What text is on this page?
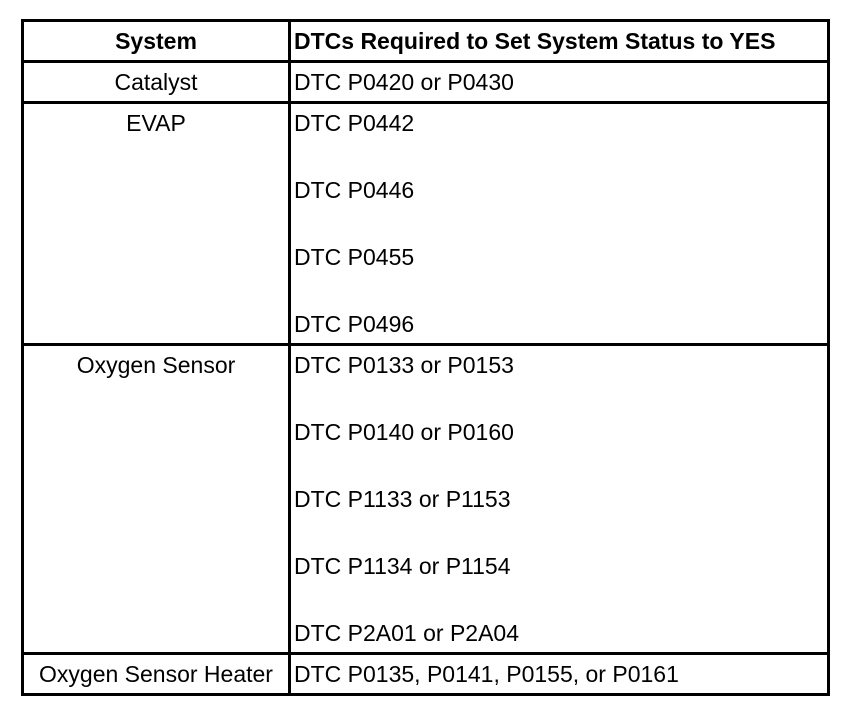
System	DTCs Required to Set System Status to YES
Catalyst	DTC P0420 or P0430

EVAP	DTC P0442
DTC P0446
DTC P0455
DTC P0496

Oxygen Sensor	DTC P0133 or P0153
DTC P0140 or P0160
DTC P1133 or P1153
DTC P1134 or P1154
DTC P2A01 or P2A04

Oxygen Sensor Heater	DTC P0135, P0141, P0155, or P0161
